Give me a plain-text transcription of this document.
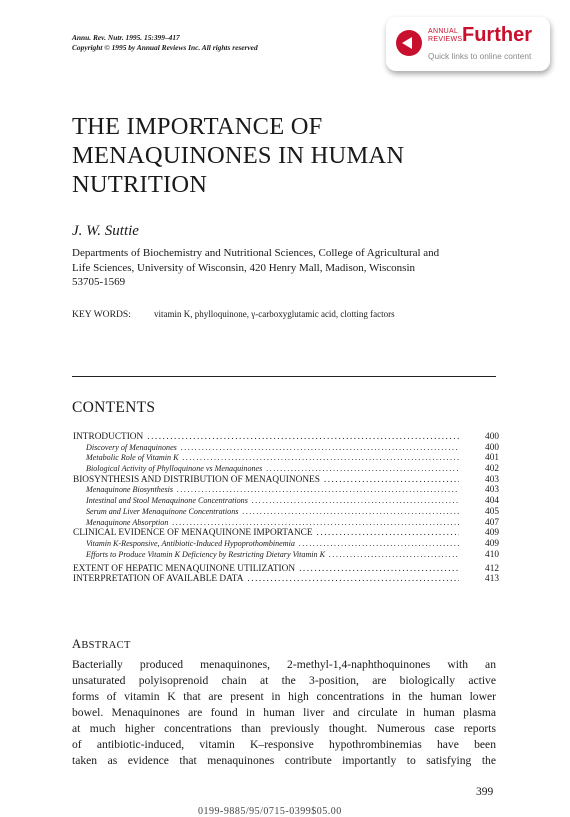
Annu. Rev. Nutr. 1995. 15:399–417
Copyright © 1995 by Annual Reviews Inc. All rights reserved
ANNUAL
REVIEWS Further
Quick links to online content
THE IMPORTANCE OF
MENAQUINONES IN HUMAN
NUTRITION
J. W. Suttie
Departments of Biochemistry and Nutritional Sciences, College of Agricultural and
Life Sciences, University of Wisconsin, 420 Henry Mall, Madison, Wisconsin
53705-1569
KEY WORDS:	vitamin K, phylloquinone, γ-carboxyglutamic acid, clotting factors
CONTENTS
INTRODUCTION .....	400
Discovery of Menaquinones .....	400
Metabolic Role of Vitamin K .....	401
Biological Activity of Phylloquinone vs Menaquinones .....	402
BIOSYNTHESIS AND DISTRIBUTION OF MENAQUINONES .....	403
Menaquinone Biosynthesis .....	403
Intestinal and Stool Menaquinone Concentrations .....	404
Serum and Liver Menaquinone Concentrations .....	405
Menaquinone Absorption .....	407
CLINICAL EVIDENCE OF MENAQUINONE IMPORTANCE .....	409
Vitamin K-Responsive, Antibiotic-Induced Hypoprothombinemia .....	409
Efforts to Produce Vitamin K Deficiency by Restricting Dietary Vitamin K .....	410
EXTENT OF HEPATIC MENAQUINONE UTILIZATION .....	412
INTERPRETATION OF AVAILABLE DATA .....	413
ABSTRACT
Bacterially produced menaquinones, 2-methyl-1,4-naphthoquinones with an
unsaturated polyisoprenoid chain at the 3-position, are biologically active
forms of vitamin K that are present in high concentrations in the human lower
bowel. Menaquinones are found in human liver and circulate in human plasma
at much higher concentrations than previously thought. Numerous case reports
of antibiotic-induced, vitamin K–responsive hypothrombinemias have been
taken as evidence that menaquinones contribute importantly to satisfying the
399
0199-9885/95/0715-0399$05.00
